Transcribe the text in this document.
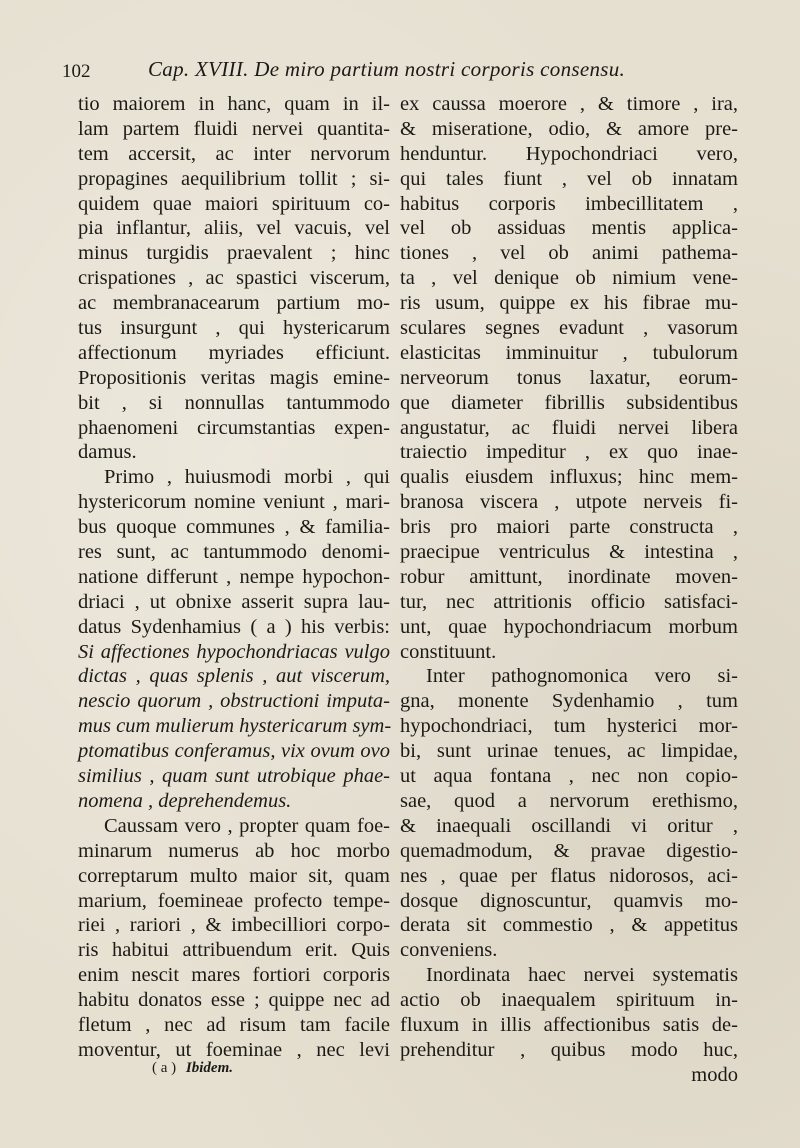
102	Cap. XVIII. De miro partium nostri corporis consensu.
tio maiorem in hanc, quam in il-
lam partem fluidi nervei quantita-
tem accersit, ac inter nervorum
propagines aequilibrium tollit ; si-
quidem quae maiori spirituum co-
pia inflantur, aliis, vel vacuis, vel
minus turgidis praevalent ; hinc
crispationes , ac spastici viscerum,
ac membranacearum partium mo-
tus insurgunt , qui hystericarum
affectionum myriades efficiunt.
Propositionis veritas magis emine-
bit , si nonnullas tantummodo
phaenomeni circumstantias expen-
damus.
Primo , huiusmodi morbi , qui
hystericorum nomine veniunt , mari-
bus quoque communes , & familia-
res sunt, ac tantummodo denomi-
natione differunt , nempe hypochon-
driaci , ut obnixe asserit supra lau-
datus Sydenhamius ( a ) his verbis:
Si affectiones hypochondriacas vulgo
dictas , quas splenis , aut viscerum,
nescio quorum , obstructioni imputa-
mus cum mulierum hystericarum sym-
ptomatibus conferamus, vix ovum ovo
similius , quam sunt utrobique phae-
nomena , deprehendemus.
Caussam vero , propter quam foe-
minarum numerus ab hoc morbo
correptarum multo maior sit, quam
marium, foemineae profecto tempe-
riei , rariori , & imbecilliori corpo-
ris habitui attribuendum erit. Quis
enim nescit mares fortiori corporis
habitu donatos esse ; quippe nec ad
fletum , nec ad risum tam facile
moventur, ut foeminae , nec levi
ex caussa moerore , & timore , ira,
& miseratione, odio, & amore pre-
henduntur. Hypochondriaci vero,
qui tales fiunt , vel ob innatam
habitus corporis imbecillitatem ,
vel ob assiduas mentis applica-
tiones , vel ob animi pathema-
ta , vel denique ob nimium vene-
ris usum, quippe ex his fibrae mu-
sculares segnes evadunt , vasorum
elasticitas imminuitur , tubulorum
nerveorum tonus laxatur, eorum-
que diameter fibrillis subsidentibus
angustatur, ac fluidi nervei libera
traiectio impeditur , ex quo inae-
qualis eiusdem influxus; hinc mem-
branosa viscera , utpote nerveis fi-
bris pro maiori parte constructa ,
praecipue ventriculus & intestina ,
robur amittunt, inordinate moven-
tur, nec attritionis officio satisfaci-
unt, quae hypochondriacum morbum
constituunt.
Inter pathognomonica vero si-
gna, monente Sydenhamio , tum
hypochondriaci, tum hysterici mor-
bi, sunt urinae tenues, ac limpidae,
ut aqua fontana , nec non copio-
sae, quod a nervorum erethismo,
& inaequali oscillandi vi oritur ,
quemadmodum, & pravae digestio-
nes , quae per flatus nidorosos, aci-
dosque dignoscuntur, quamvis mo-
derata sit commestio , & appetitus
conveniens.
Inordinata haec nervei systematis
actio ob inaequalem spirituum in-
fluxum in illis affectionibus satis de-
prehenditur , quibus modo huc,
modo
( a ) Ibidem.
